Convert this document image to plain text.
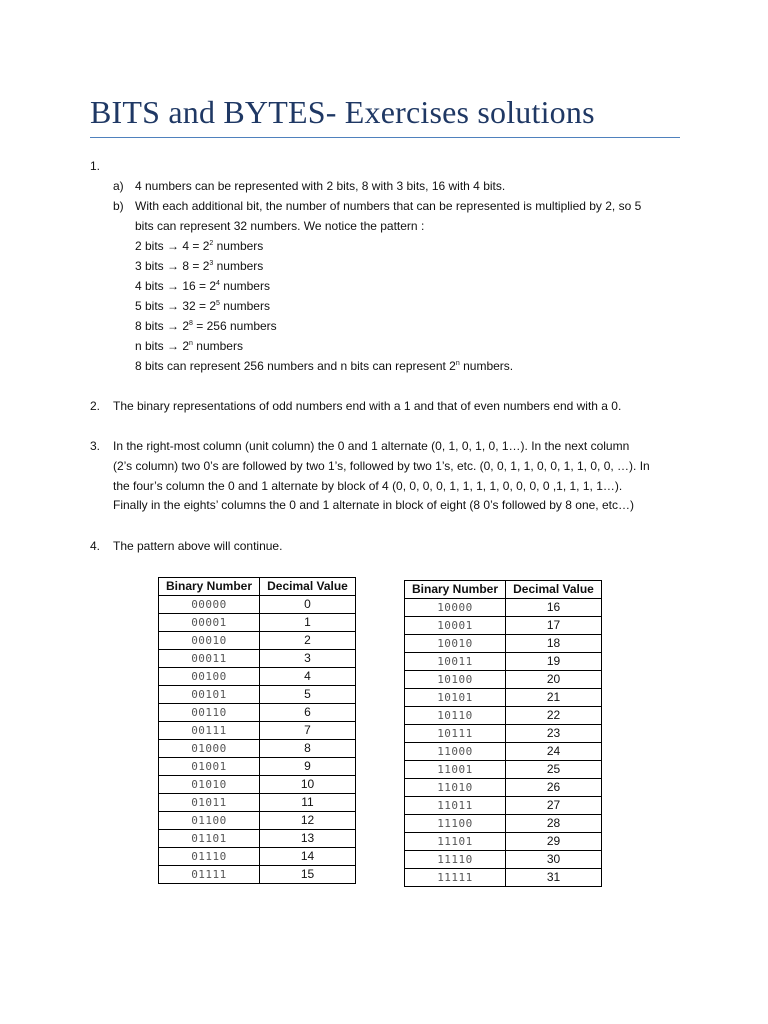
BITS and BYTES- Exercises solutions
1.
a) 4 numbers can be represented with 2 bits, 8 with 3 bits, 16 with 4 bits.
b) With each additional bit, the number of numbers that can be represented is multiplied by 2, so 5
bits can represent 32 numbers. We notice the pattern :
2 bits → $4 = 2^2$ numbers
3 bits → $8 = 2^3$ numbers
4 bits → $16 = 2^4$ numbers
5 bits → $32 = 2^5$ numbers
8 bits → $2^8 = 256$ numbers
n bits → $2^n$ numbers
8 bits can represent 256 numbers and n bits can represent 2$^n$ numbers.
2. The binary representations of odd numbers end with a 1 and that of even numbers end with a 0.
3. In the right-most column (unit column) the 0 and 1 alternate (0, 1, 0, 1, 0, 1…). In the next column
(2’s column) two 0’s are followed by two 1’s, followed by two 1’s, etc. (0, 0, 1, 1, 0, 0, 1, 1, 0, 0, …). In
the four’s column the 0 and 1 alternate by block of 4 (0, 0, 0, 0, 1, 1, 1, 1, 0, 0, 0, 0 ,1, 1, 1, 1…).
Finally in the eights’ columns the 0 and 1 alternate in block of eight (8 0’s followed by 8 one, etc…)
4. The pattern above will continue.
Binary Number	Decimal Value
00000	0
00001	1
00010	2
00011	3
00100	4
00101	5
00110	6
00111	7
01000	8
01001	9
01010	10
01011	11
01100	12
01101	13
01110	14
01111	15
Binary Number	Decimal Value
10000	16
10001	17
10010	18
10011	19
10100	20
10101	21
10110	22
10111	23
11000	24
11001	25
11010	26
11011	27
11100	28
11101	29
11110	30
11111	31
